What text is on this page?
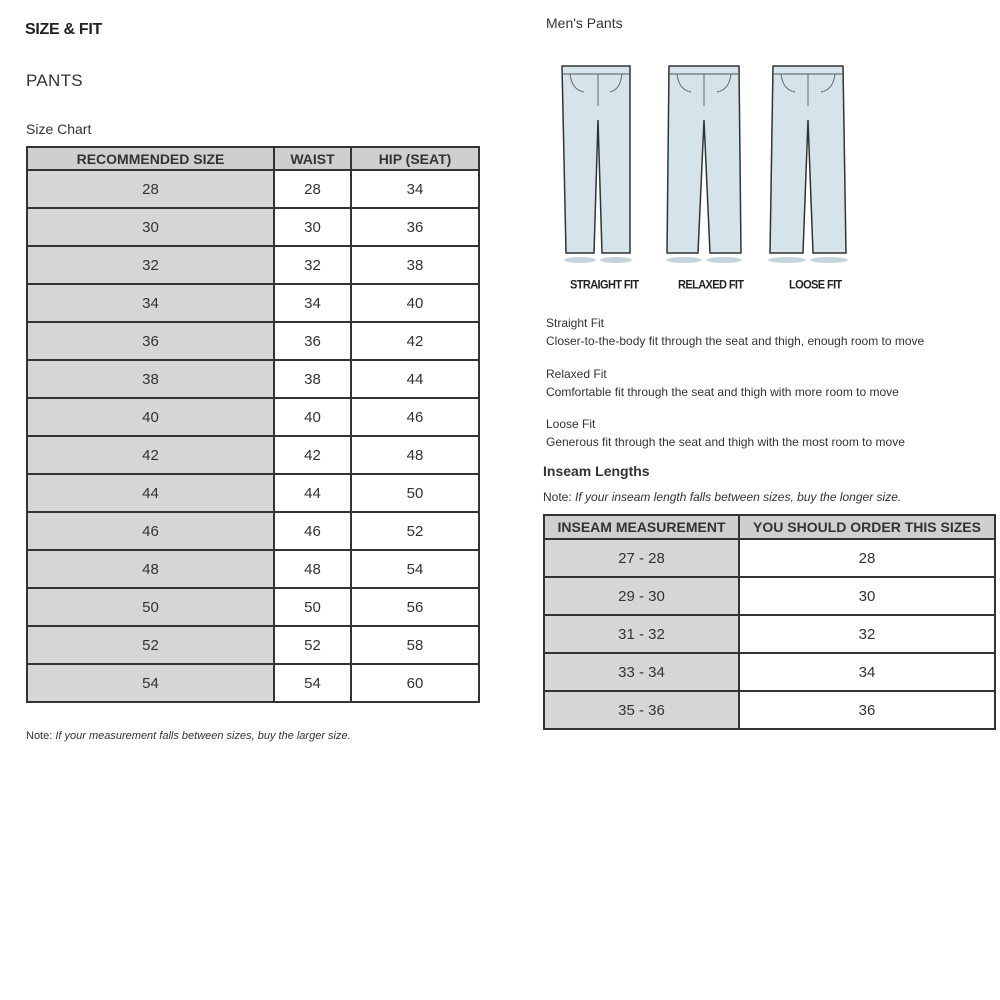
SIZE & FIT
PANTS
Size Chart
RECOMMENDED SIZE	WAIST	HIP (SEAT)
28	28	34
30	30	36
32	32	38
34	34	40
36	36	42
38	38	44
40	40	46
42	42	48
44	44	50
46	46	52
48	48	54
50	50	56
52	52	58
54	54	60
Note: If your measurement falls between sizes, buy the larger size.
Men's Pants
STRAIGHT FIT	RELAXED FIT	LOOSE FIT
Straight Fit
Closer-to-the-body fit through the seat and thigh, enough room to move
Relaxed Fit
Comfortable fit through the seat and thigh with more room to move
Loose Fit
Generous fit through the seat and thigh with the most room to move
Inseam Lengths
Note: If your inseam length falls between sizes, buy the longer size.
INSEAM MEASUREMENT	YOU SHOULD ORDER THIS SIZES
27 - 28	28
29 - 30	30
31 - 32	32
33 - 34	34
35 - 36	36
